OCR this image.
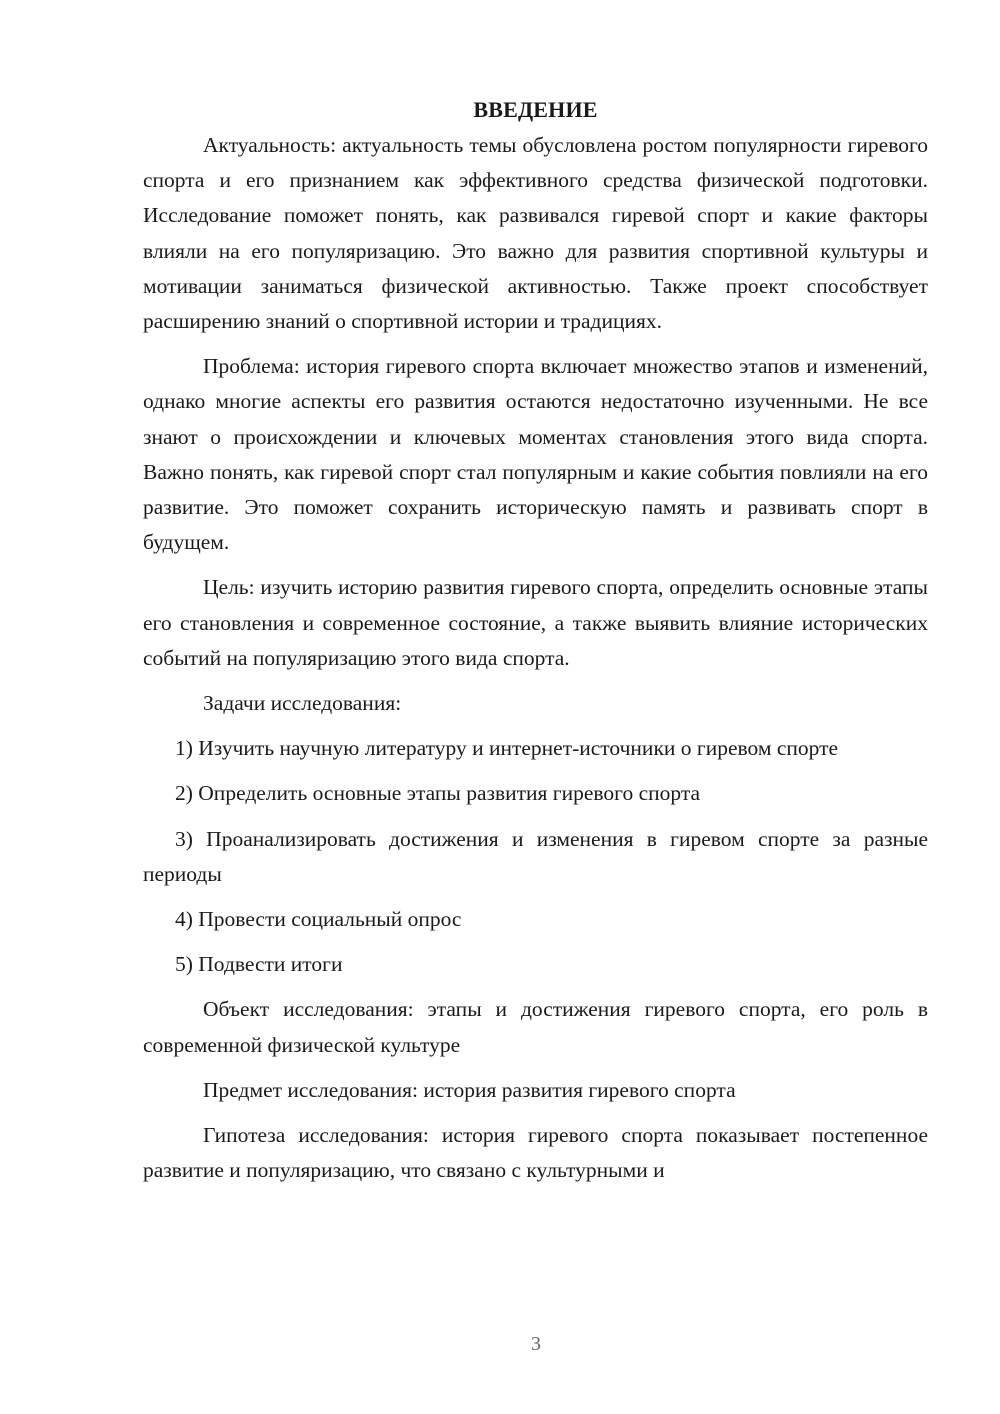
ВВЕДЕНИЕ

Актуальность: актуальность темы обусловлена ростом популярности гиревого спорта и его признанием как эффективного средства физической подготовки. Исследование поможет понять, как развивался гиревой спорт и какие факторы влияли на его популяризацию. Это важно для развития спортивной культуры и мотивации заниматься физической активностью. Также проект способствует расширению знаний о спортивной истории и традициях.

Проблема: история гиревого спорта включает множество этапов и изменений, однако многие аспекты его развития остаются недостаточно изученными. Не все знают о происхождении и ключевых моментах становления этого вида спорта. Важно понять, как гиревой спорт стал популярным и какие события повлияли на его развитие. Это поможет сохранить историческую память и развивать спорт в будущем.

Цель: изучить историю развития гиревого спорта, определить основные этапы его становления и современное состояние, а также выявить влияние исторических событий на популяризацию этого вида спорта.

Задачи исследования:

1) Изучить научную литературу и интернет-источники о гиревом спорте

2) Определить основные этапы развития гиревого спорта

3) Проанализировать достижения и изменения в гиревом спорте за разные периоды

4) Провести социальный опрос

5) Подвести итоги

Объект исследования: этапы и достижения гиревого спорта, его роль в современной физической культуре

Предмет исследования: история развития гиревого спорта

Гипотеза исследования: история гиревого спорта показывает постепенное развитие и популяризацию, что связано с культурными и

3
